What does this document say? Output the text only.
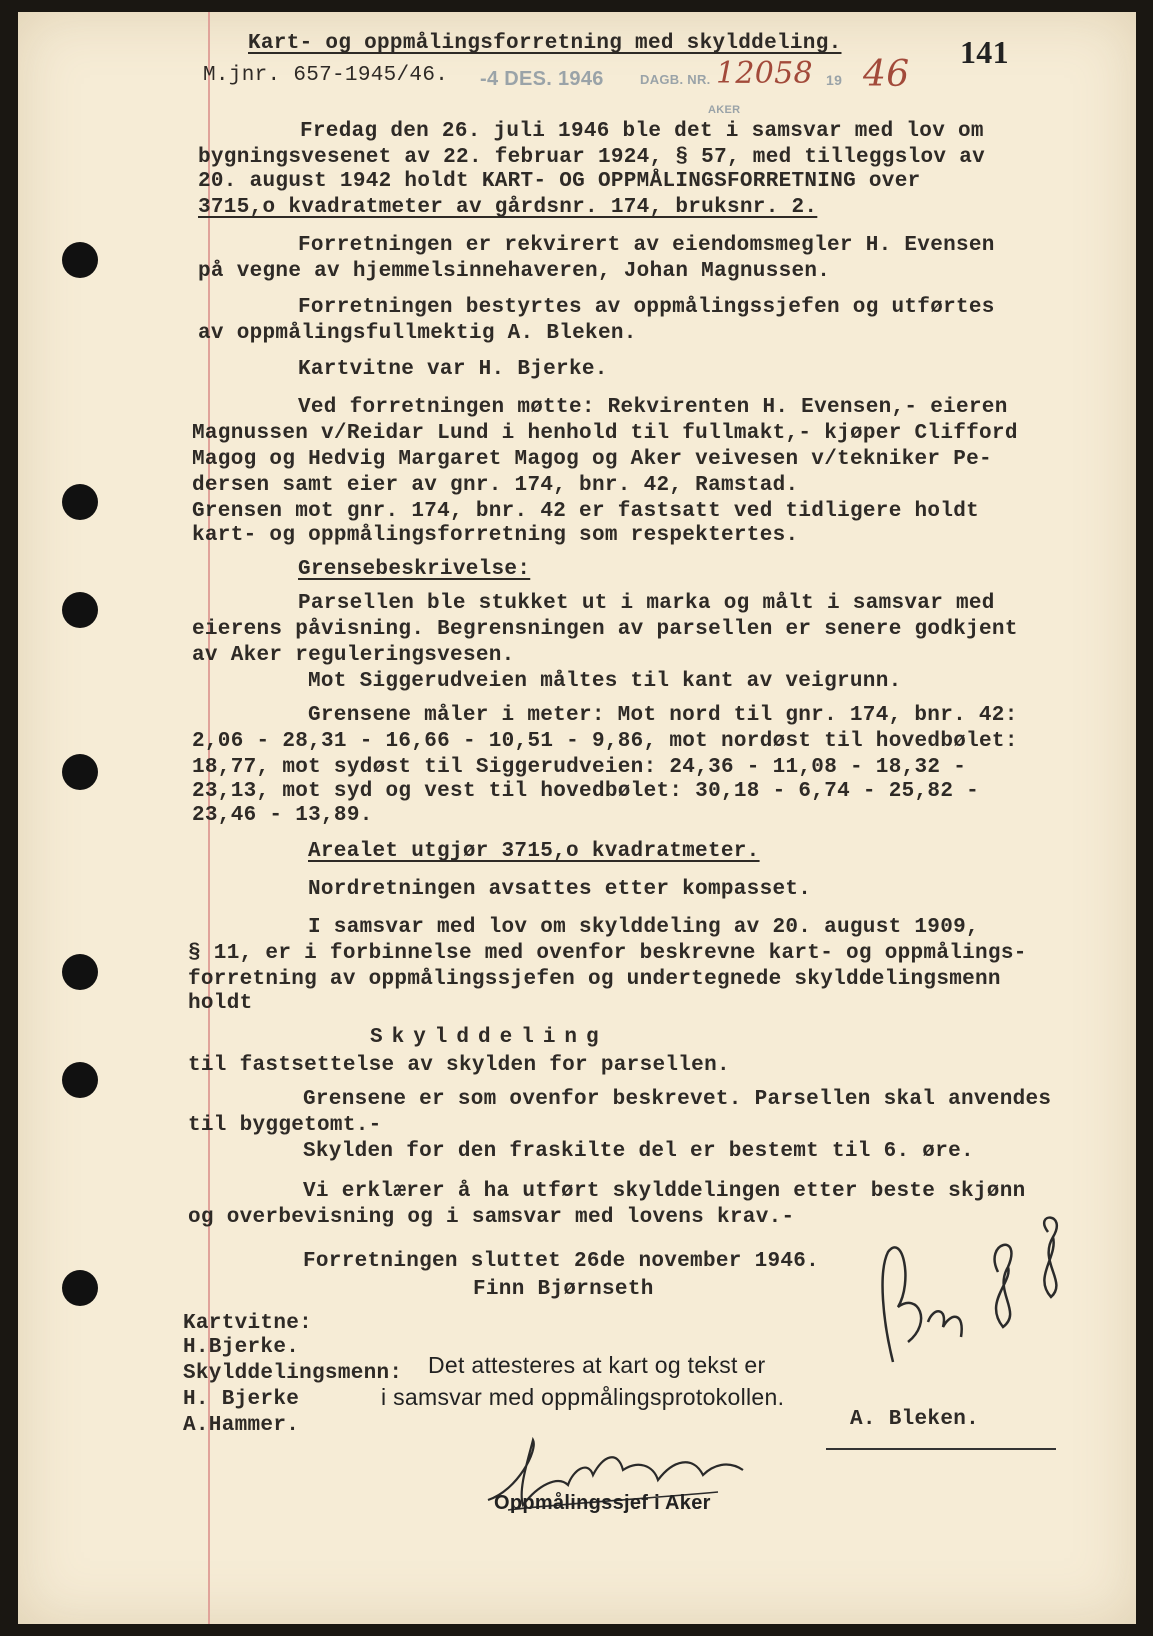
Kart- og oppmålingsforretning med skylddeling.	141
M.jnr. 657-1945/46. -4 DES. 1946	DAGB. NR. 12058 19 46
AKER
Fredag den 26. juli 1946 ble det i samsvar med lov om
bygningsvesenet av 22. februar 1924, § 57, med tilleggslov av
20. august 1942 holdt KART- OG OPPMÅLINGSFORRETNING over
3715,o kvadratmeter av gårdsnr. 174, bruksnr. 2.
Forretningen er rekvirert av eiendomsmegler H. Evensen
på vegne av hjemmelsinnehaveren, Johan Magnussen.
Forretningen bestyrtes av oppmålingssjefen og utførtes
av oppmålingsfullmektig A. Bleken.
Kartvitne var H. Bjerke.
Ved forretningen møtte: Rekvirenten H. Evensen,- eieren
Magnussen v/Reidar Lund i henhold til fullmakt,- kjøper Clifford
Magog og Hedvig Margaret Magog og Aker veivesen v/tekniker Pe-
dersen samt eier av gnr. 174, bnr. 42, Ramstad.
Grensen mot gnr. 174, bnr. 42 er fastsatt ved tidligere holdt
kart- og oppmålingsforretning som respektertes.
Grensebeskrivelse:
Parsellen ble stukket ut i marka og målt i samsvar med
eierens påvisning. Begrensningen av parsellen er senere godkjent
av Aker reguleringsvesen.
Mot Siggerudveien måltes til kant av veigrunn.
Grensene måler i meter: Mot nord til gnr. 174, bnr. 42:
2,06 - 28,31 - 16,66 - 10,51 - 9,86, mot nordøst til hovedbølet:
18,77, mot sydøst til Siggerudveien: 24,36 - 11,08 - 18,32 -
23,13, mot syd og vest til hovedbølet: 30,18 - 6,74 - 25,82 -
23,46 - 13,89.
Arealet utgjør 3715,o kvadratmeter.
Nordretningen avsattes etter kompasset.
I samsvar med lov om skylddeling av 20. august 1909,
§ 11, er i forbinnelse med ovenfor beskrevne kart- og oppmålings-
forretning av oppmålingssjefen og undertegnede skylddelingsmenn
holdt
Skylddeling
til fastsettelse av skylden for parsellen.
Grensene er som ovenfor beskrevet. Parsellen skal anvendes
til byggetomt.-
Skylden for den fraskilte del er bestemt til 6. øre.
Vi erklærer å ha utført skylddelingen etter beste skjønn
og overbevisning og i samsvar med lovens krav.-
Forretningen sluttet 26de november 1946.
Finn Bjørnseth
Kartvitne:
H.Bjerke.
Skylddelingsmenn:
H. Bjerke
A.Hammer.
Det attesteres at kart og tekst er
i samsvar med oppmålingsprotokollen.
A. Bleken.
Oppmålingssjef i Aker
